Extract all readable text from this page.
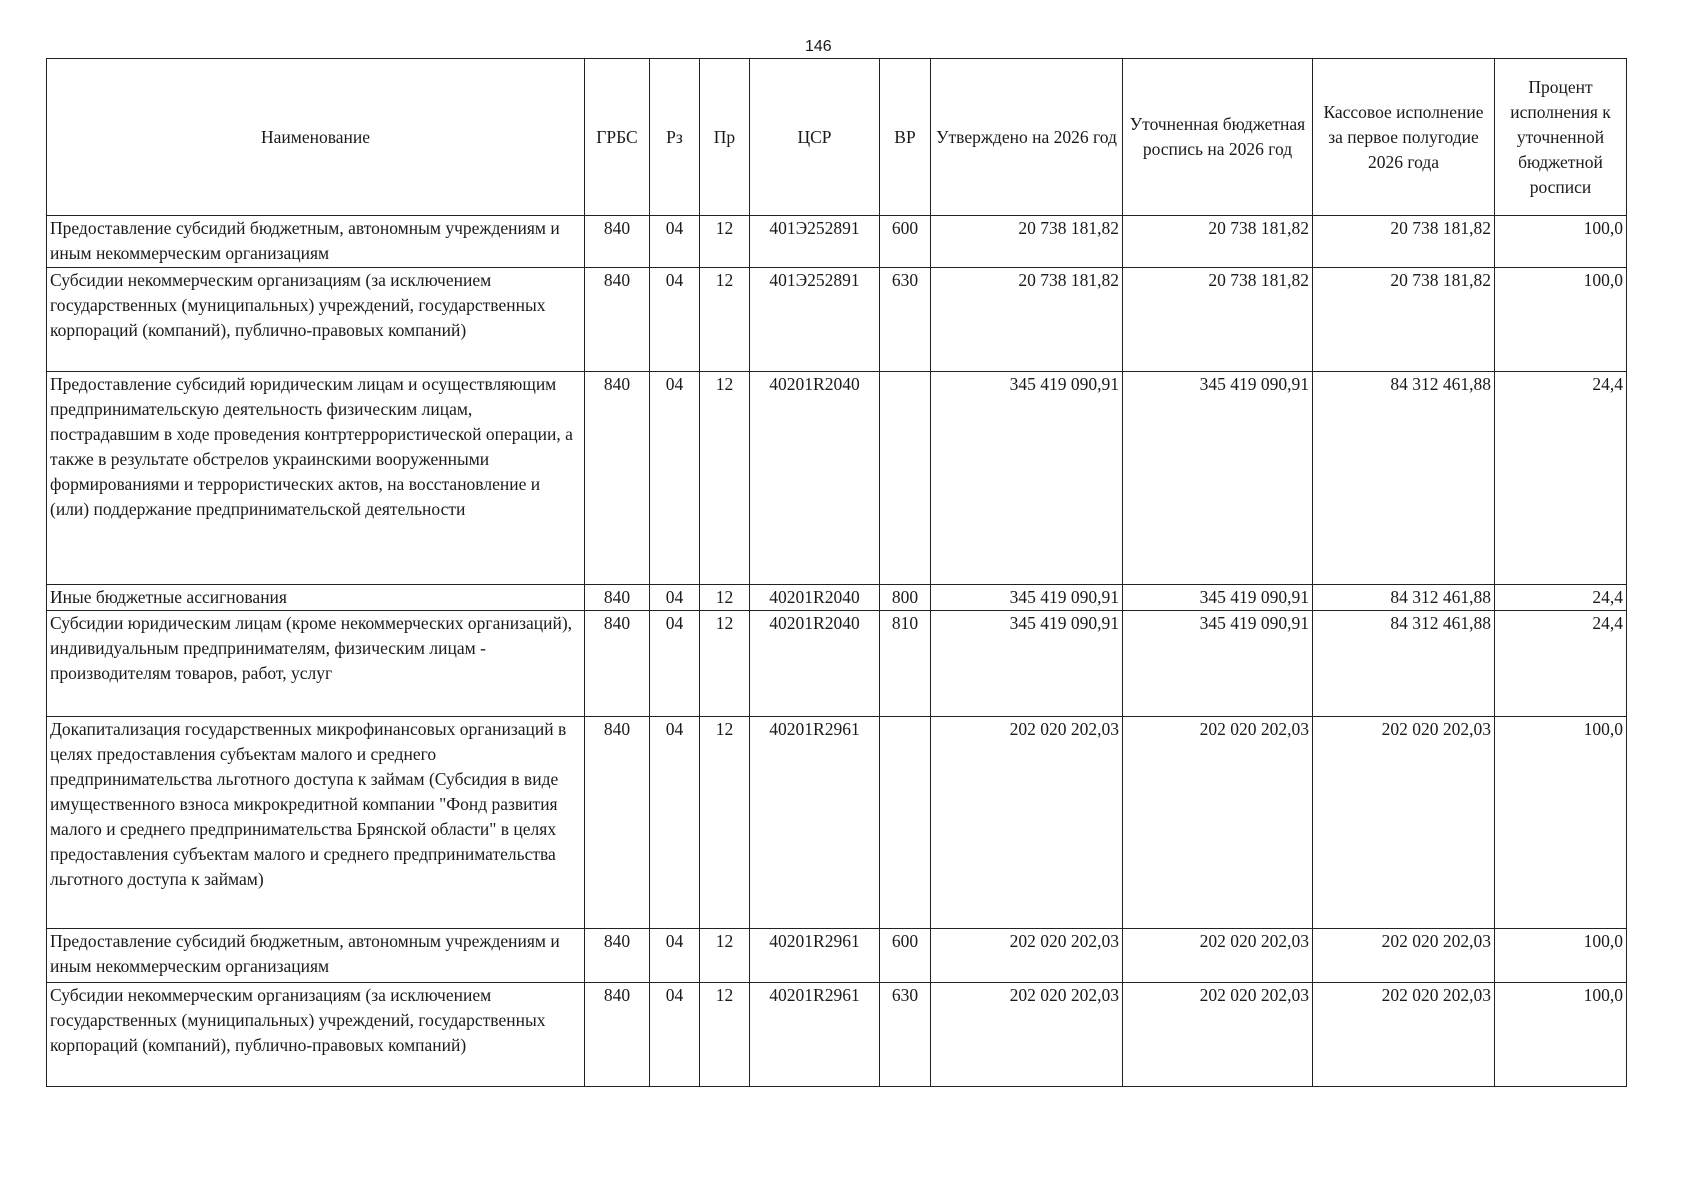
146
Наименование	ГРБС	Рз	Пр	ЦСР	ВР	Утверждено на 2026 год	Уточненная бюджетная роспись на 2026 год	Кассовое исполнение за первое полугодие 2026 года	Процент исполнения к уточненной бюджетной росписи
Предоставление субсидий бюджетным, автономным учреждениям и иным некоммерческим организациям	840	04	12	401Э252891	600	20 738 181,82	20 738 181,82	20 738 181,82	100,0
Субсидии некоммерческим организациям (за исключением государственных (муниципальных) учреждений, государственных корпораций (компаний), публично-правовых компаний)	840	04	12	401Э252891	630	20 738 181,82	20 738 181,82	20 738 181,82	100,0
Предоставление субсидий юридическим лицам и осуществляющим предпринимательскую деятельность физическим лицам, пострадавшим в ходе проведения контртеррористической операции, а также в результате обстрелов украинскими вооруженными формированиями и террористических актов, на восстановление и (или) поддержание предпринимательской деятельности	840	04	12	40201R2040		345 419 090,91	345 419 090,91	84 312 461,88	24,4
Иные бюджетные ассигнования	840	04	12	40201R2040	800	345 419 090,91	345 419 090,91	84 312 461,88	24,4
Субсидии юридическим лицам (кроме некоммерческих организаций), индивидуальным предпринимателям, физическим лицам - производителям товаров, работ, услуг	840	04	12	40201R2040	810	345 419 090,91	345 419 090,91	84 312 461,88	24,4
Докапитализация государственных микрофинансовых организаций в целях предоставления субъектам малого и среднего предпринимательства льготного доступа к займам (Субсидия в виде имущественного взноса микрокредитной компании "Фонд развития малого и среднего предпринимательства Брянской области" в целях предоставления субъектам малого и среднего предпринимательства льготного доступа к займам)	840	04	12	40201R2961		202 020 202,03	202 020 202,03	202 020 202,03	100,0
Предоставление субсидий бюджетным, автономным учреждениям и иным некоммерческим организациям	840	04	12	40201R2961	600	202 020 202,03	202 020 202,03	202 020 202,03	100,0
Субсидии некоммерческим организациям (за исключением государственных (муниципальных) учреждений, государственных корпораций (компаний), публично-правовых компаний)	840	04	12	40201R2961	630	202 020 202,03	202 020 202,03	202 020 202,03	100,0
